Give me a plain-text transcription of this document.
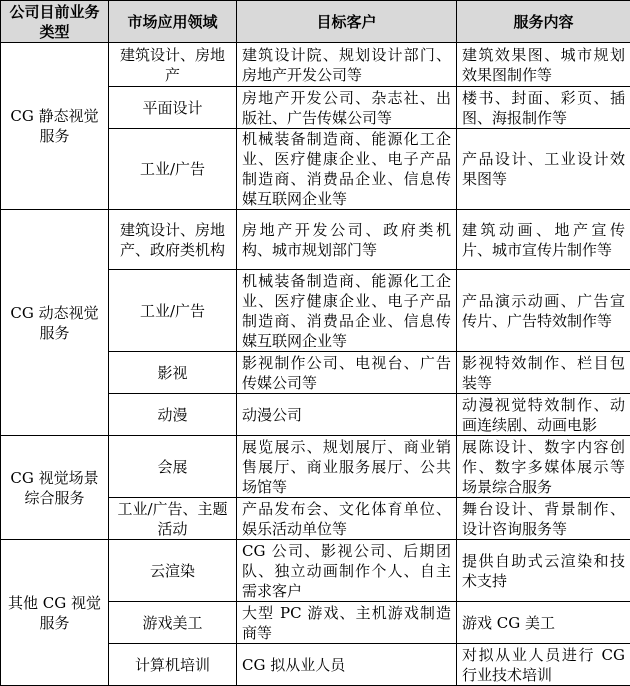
公司目前业务类型	市场应用领域	目标客户	服务内容
CG 静态视觉服务	建筑设计、房地产	建筑设计院、规划设计部门、房地产开发公司等	建筑效果图、城市规划效果图制作等
	平面设计	房地产开发公司、杂志社、出版社、广告传媒公司等	楼书、封面、彩页、插图、海报制作等
	工业/广告	机械装备制造商、能源化工企业、医疗健康企业、电子产品制造商、消费品企业、信息传媒互联网企业等	产品设计、工业设计效果图等
CG 动态视觉服务	建筑设计、房地产、政府类机构	房地产开发公司、政府类机构、城市规划部门等	建筑动画、地产宣传片、城市宣传片制作等
	工业/广告	机械装备制造商、能源化工企业、医疗健康企业、电子产品制造商、消费品企业、信息传媒互联网企业等	产品演示动画、广告宣传片、广告特效制作等
	影视	影视制作公司、电视台、广告传媒公司等	影视特效制作、栏目包装等
	动漫	动漫公司	动漫视觉特效制作、动画连续剧、动画电影
CG 视觉场景综合服务	会展	展览展示、规划展厅、商业销售展厅、商业服务展厅、公共场馆等	展陈设计、数字内容创作、数字多媒体展示等场景综合服务
	工业/广告、主题活动	产品发布会、文化体育单位、娱乐活动单位等	舞台设计、背景制作、设计咨询服务等
其他 CG 视觉服务	云渲染	CG 公司、影视公司、后期团队、独立动画制作个人、自主需求客户	提供自助式云渲染和技术支持
	游戏美工	大型 PC 游戏、主机游戏制造商等	游戏 CG 美工
	计算机培训	CG 拟从业人员	对拟从业人员进行 CG 行业技术培训
